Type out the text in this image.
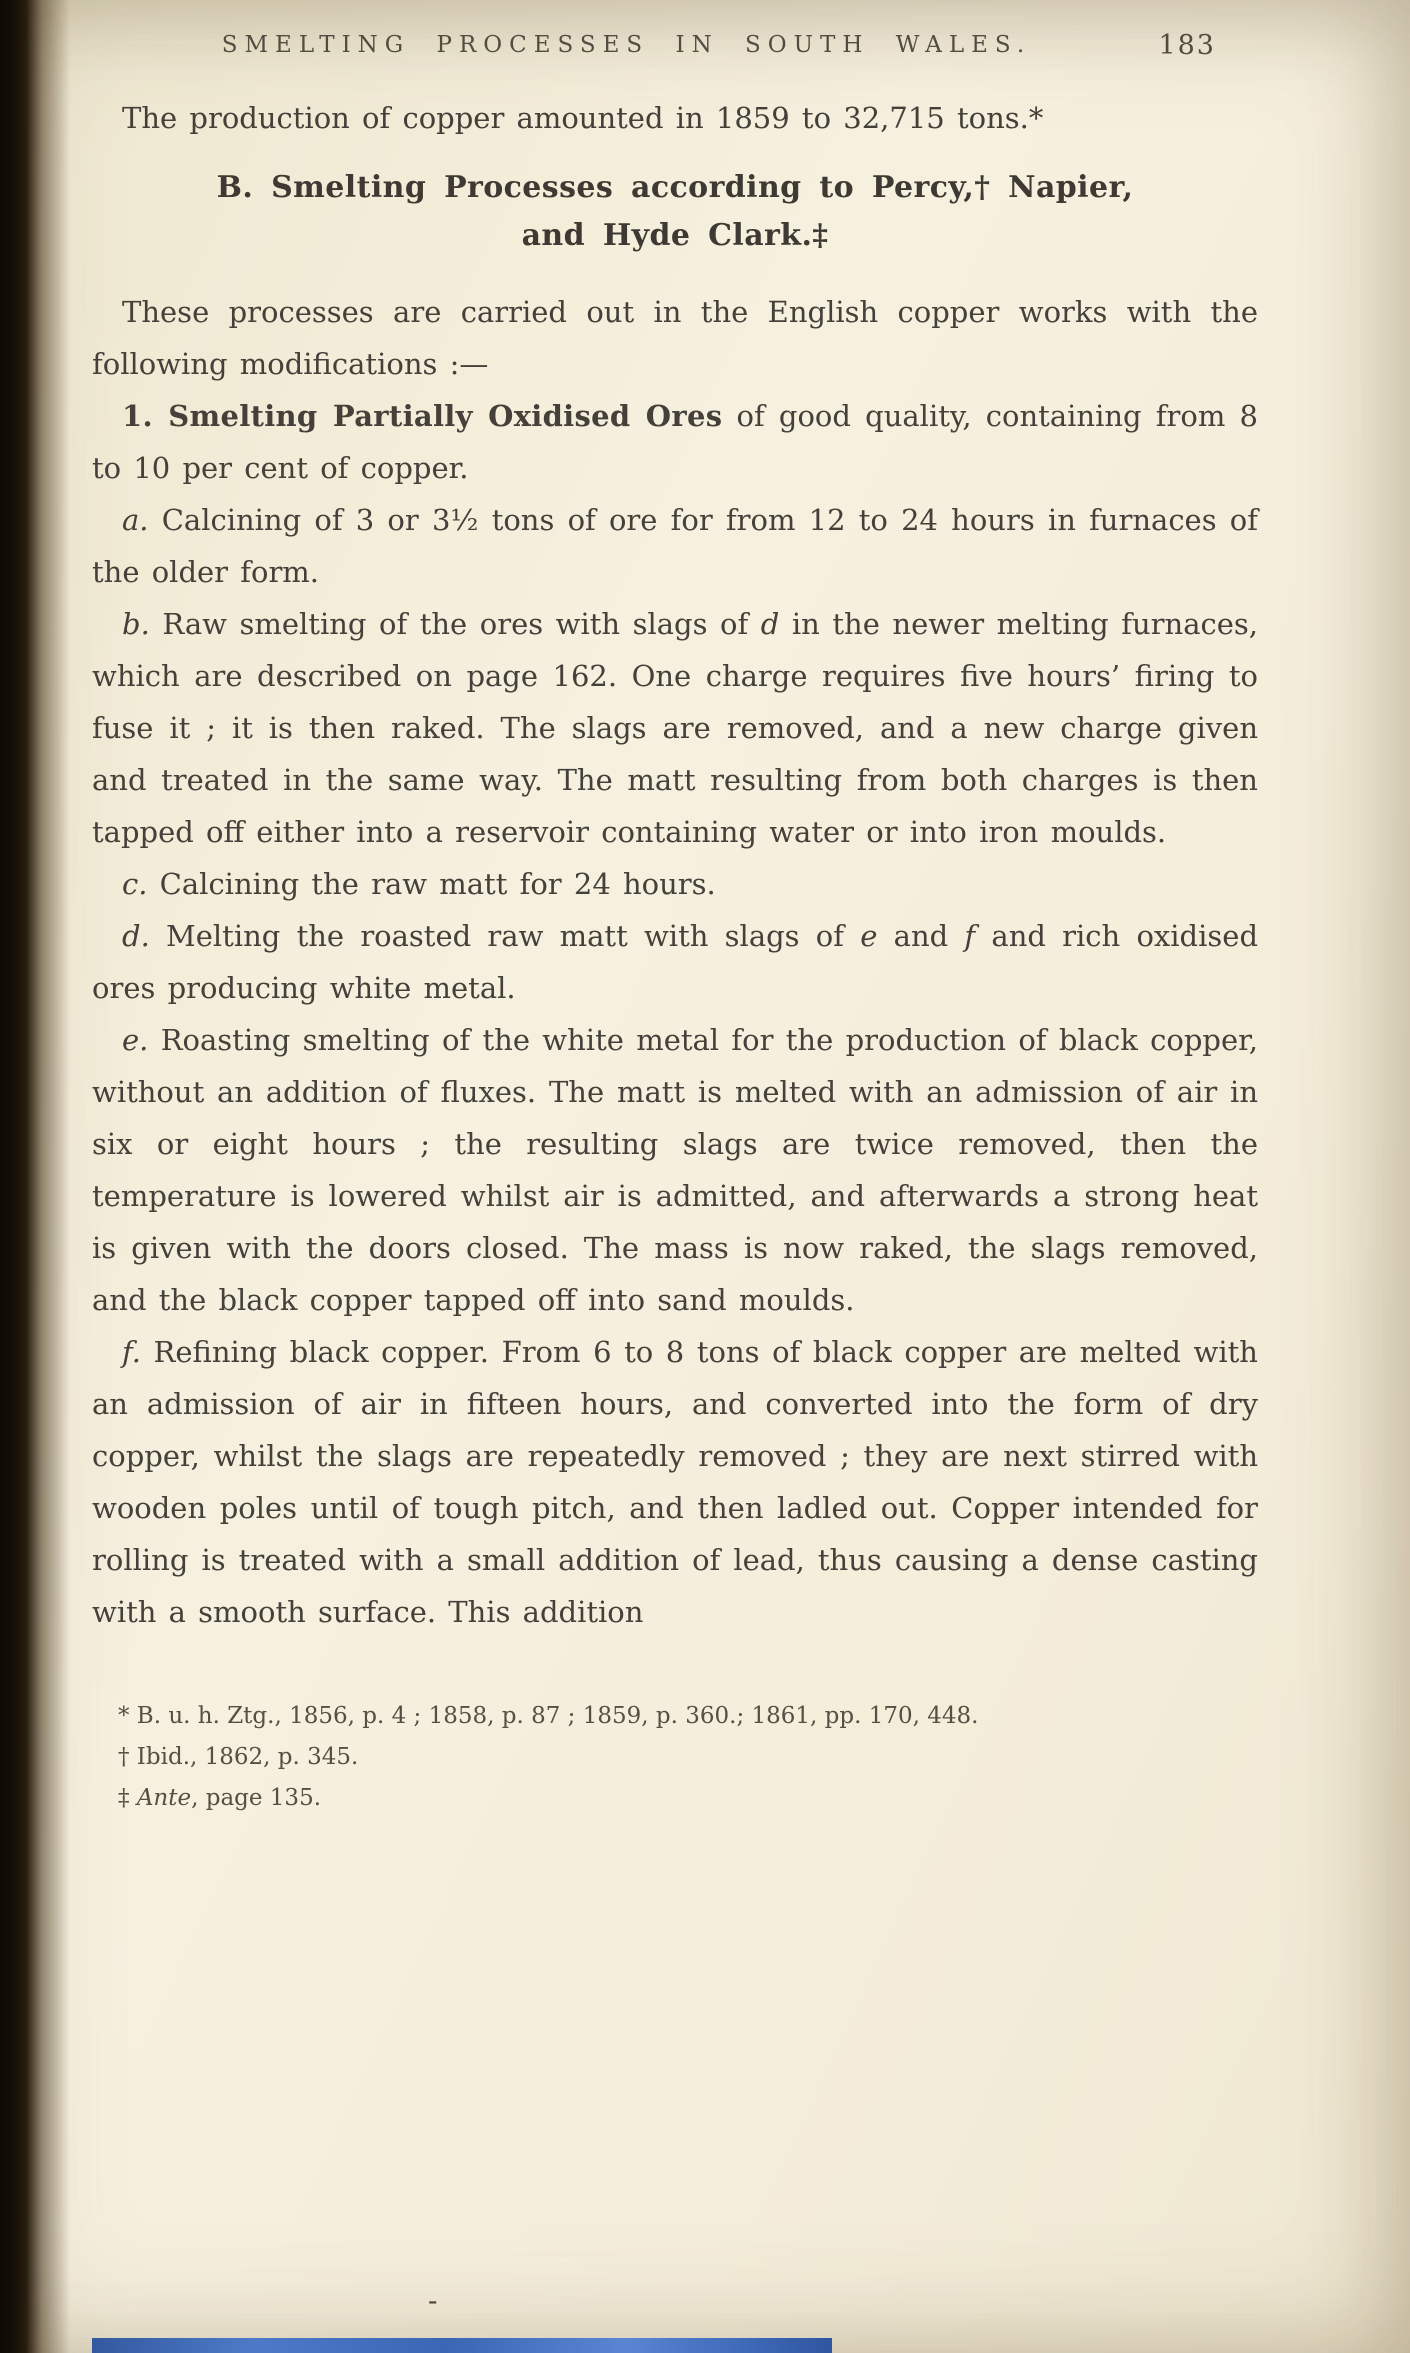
SMELTING PROCESSES IN SOUTH WALES.	183

The production of copper amounted in 1859 to 32,715 tons.*

B. Smelting Processes according to Percy,† Napier,
and Hyde Clark.‡

These processes are carried out in the English copper works with the following modifications :—

1. Smelting Partially Oxidised Ores of good quality, containing from 8 to 10 per cent of copper.

a. Calcining of 3 or 3½ tons of ore for from 12 to 24 hours in furnaces of the older form.

b. Raw smelting of the ores with slags of d in the newer melting furnaces, which are described on page 162. One charge requires five hours’ firing to fuse it ; it is then raked. The slags are removed, and a new charge given and treated in the same way. The matt resulting from both charges is then tapped off either into a reservoir containing water or into iron moulds.

c. Calcining the raw matt for 24 hours.

d. Melting the roasted raw matt with slags of e and f and rich oxidised ores producing white metal.

e. Roasting smelting of the white metal for the production of black copper, without an addition of fluxes. The matt is melted with an admission of air in six or eight hours ; the resulting slags are twice removed, then the temperature is lowered whilst air is admitted, and afterwards a strong heat is given with the doors closed. The mass is now raked, the slags removed, and the black copper tapped off into sand moulds.

f. Refining black copper. From 6 to 8 tons of black copper are melted with an admission of air in fifteen hours, and converted into the form of dry copper, whilst the slags are repeatedly removed ; they are next stirred with wooden poles until of tough pitch, and then ladled out. Copper intended for rolling is treated with a small addition of lead, thus causing a dense casting with a smooth surface. This addition

* B. u. h. Ztg., 1856, p. 4 ; 1858, p. 87 ; 1859, p. 360.; 1861, pp. 170, 448.

† Ibid., 1862, p. 345.

‡ Ante, page 135.

-
